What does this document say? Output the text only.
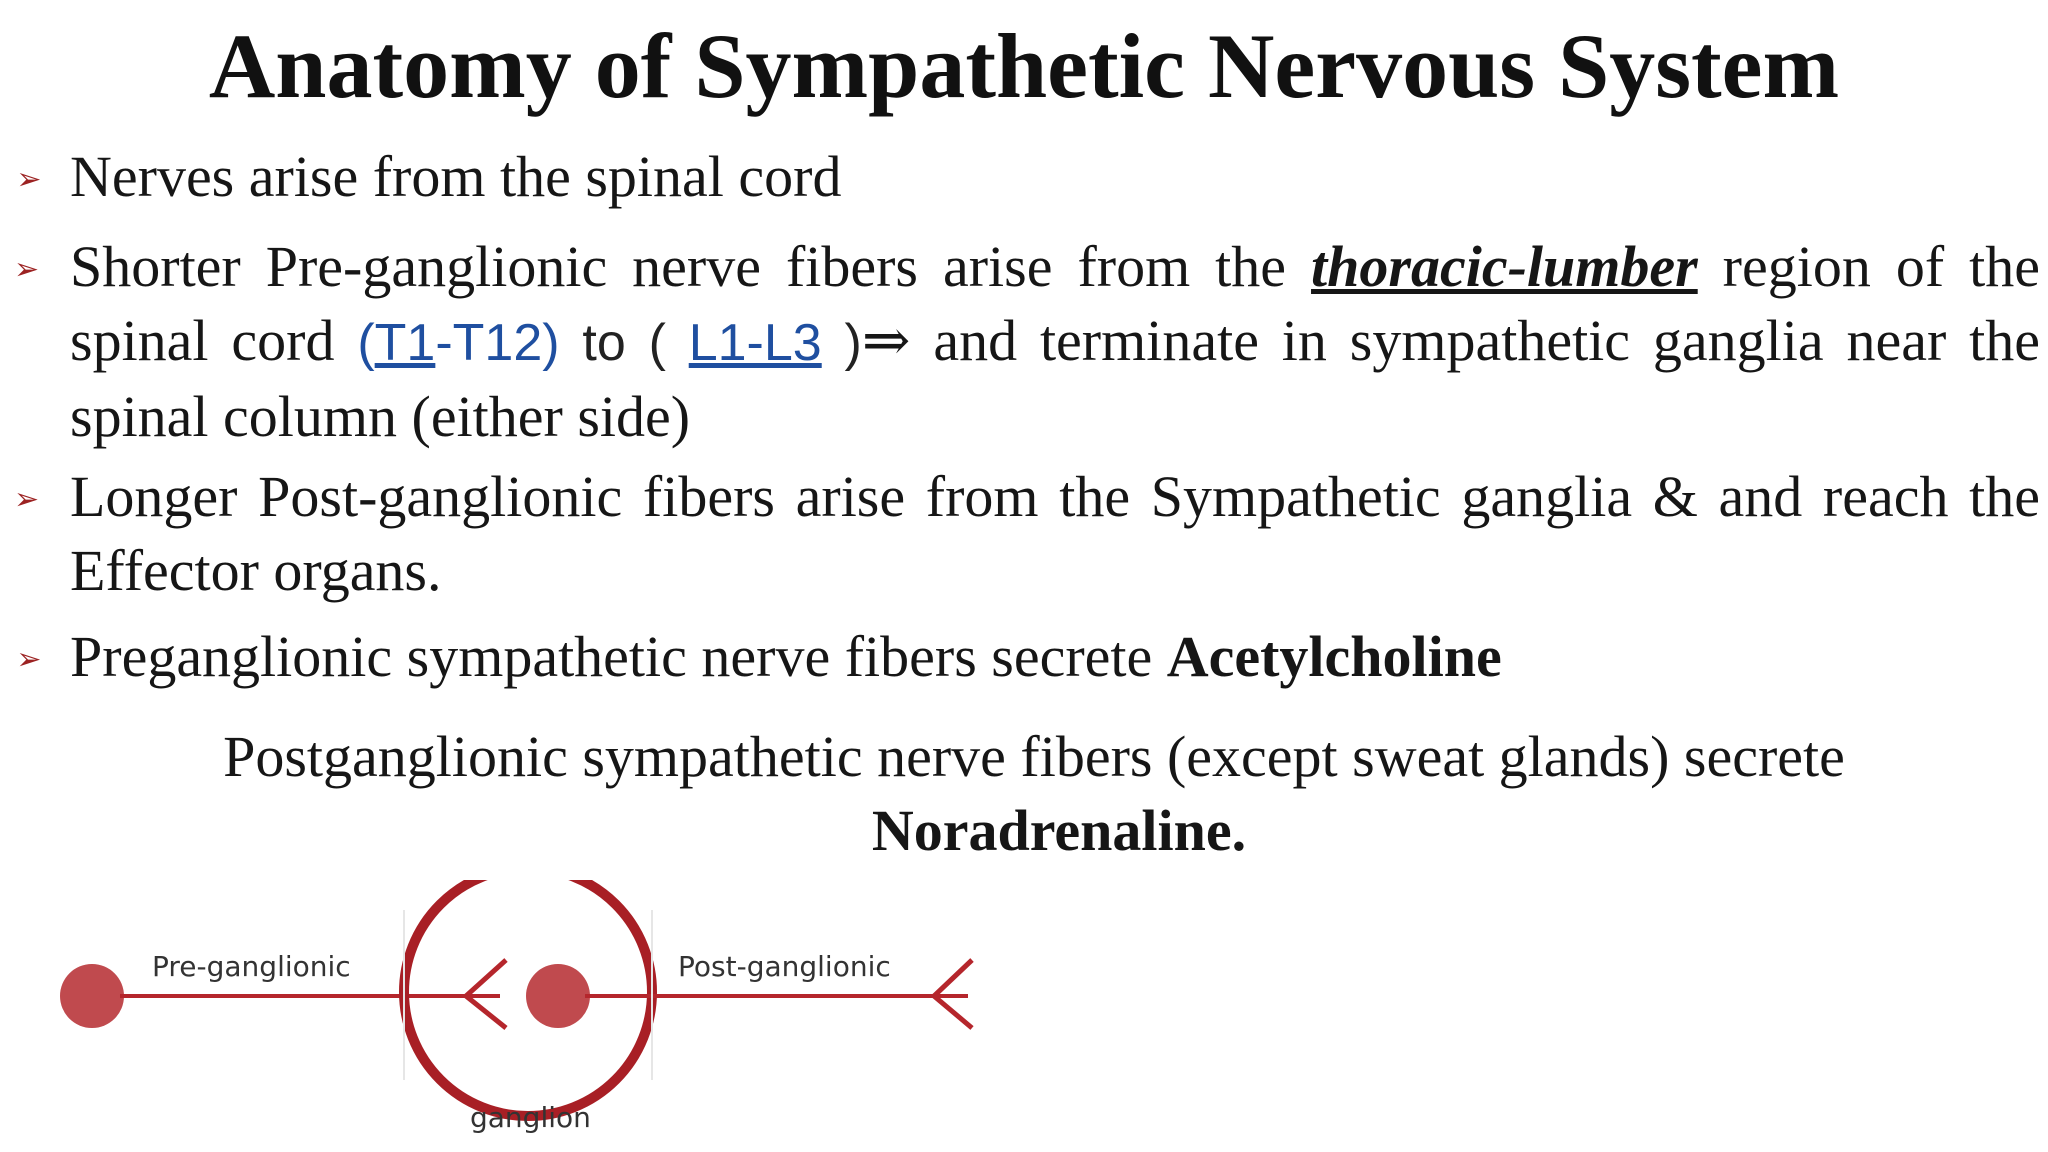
Anatomy of Sympathetic Nervous System
➢ Nerves arise from the spinal cord
➢ Shorter Pre-ganglionic nerve fibers arise from the thoracic-lumber region of the spinal cord (T1-T12) to ( L1-L3 )⇒ and terminate in sympathetic ganglia near the spinal column (either side)
➢ Longer Post-ganglionic fibers arise from the Sympathetic ganglia & and reach the Effector organs.
➢ Preganglionic sympathetic nerve fibers secrete Acetylcholine
Postganglionic sympathetic nerve fibers (except sweat glands) secrete
Noradrenaline.
Pre-ganglionic	Post-ganglionic
ganglion
